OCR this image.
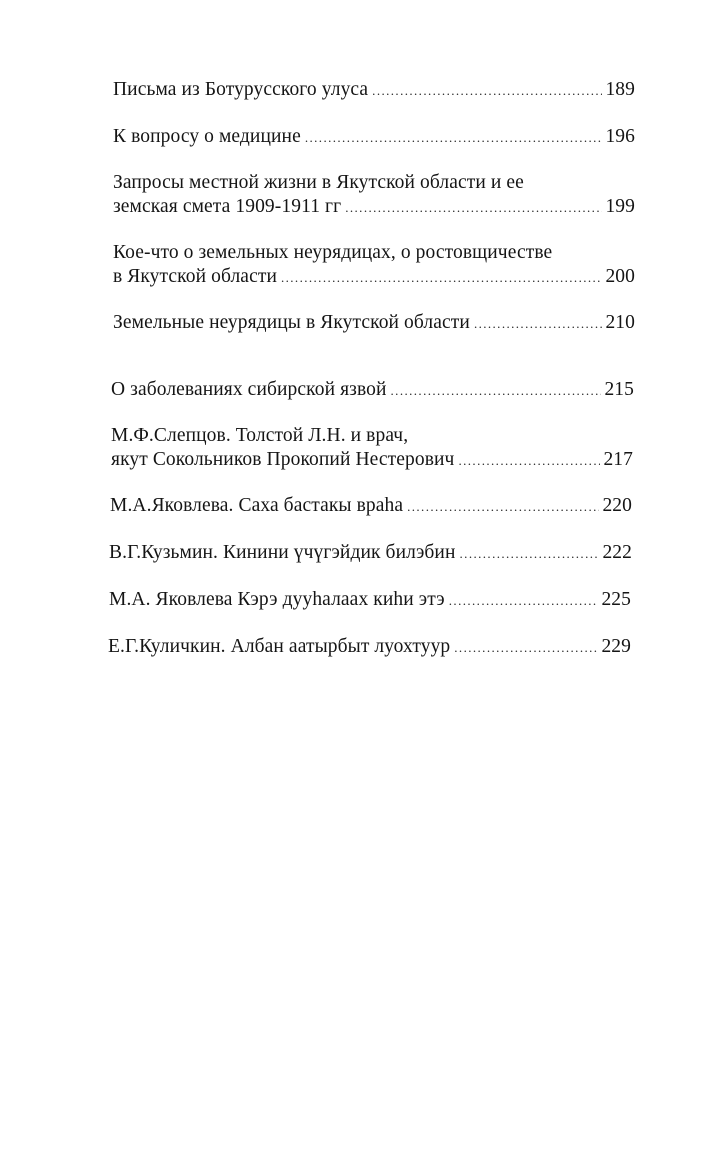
Письма из Ботурусского улуса .....	189
К вопросу о медицине .....	196
Запросы местной жизни в Якутской области и ее
земская смета 1909-1911 гг .....	199
Кое-что о земельных неурядицах, о ростовщичестве
в Якутской области .....	200
Земельные неурядицы в Якутской области .....	210
О заболеваниях сибирской язвой .....	215
М.Ф.Слепцов. Толстой Л.Н. и врач,
якут Сокольников Прокопий Нестерович .....	217
М.А.Яковлева. Саха бастакы враһа .....	220
В.Г.Кузьмин. Кинини үчүгэйдик билэбин .....	222
М.А. Яковлева Кэрэ дууһалаах киһи этэ .....	225
Е.Г.Куличкин. Албан аатырбыт луохтуур .....	229
